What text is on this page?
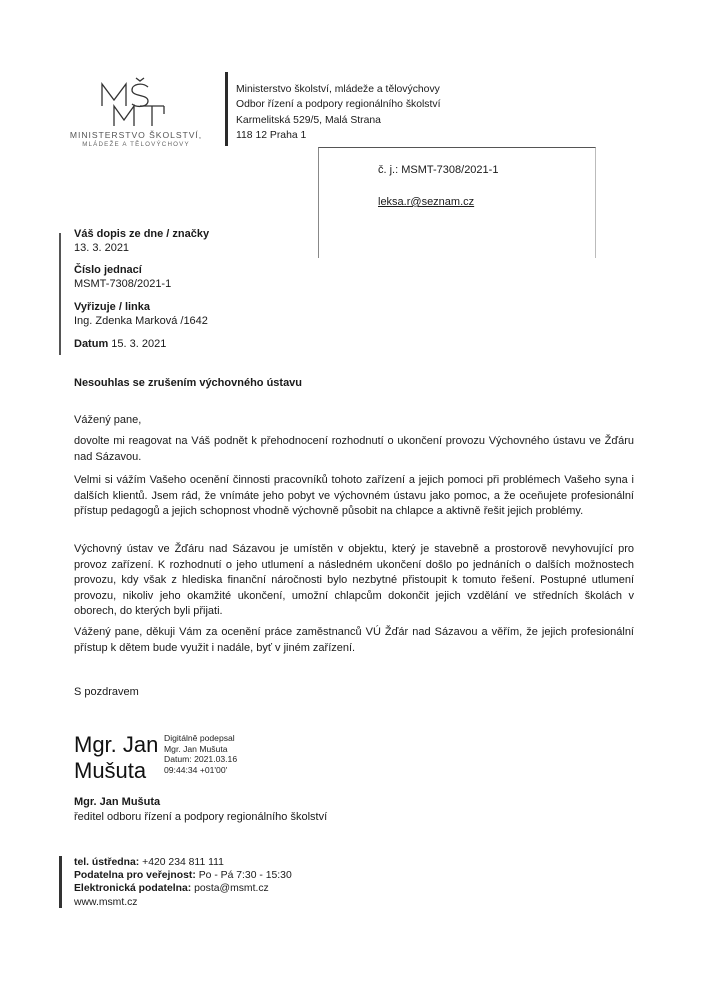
MINISTERSTVO ŠKOLSTVÍ,
MLÁDEŽE A TĚLOVÝCHOVY
Ministerstvo školství, mládeže a tělovýchovy
Odbor řízení a podpory regionálního školství
Karmelitská 529/5, Malá Strana
118 12 Praha 1
č. j.: MSMT-7308/2021-1
leksa.r@seznam.cz
Váš dopis ze dne / značky
13. 3. 2021
Číslo jednací
MSMT-7308/2021-1
Vyřizuje / linka
Ing. Zdenka Marková /1642
Datum 15. 3. 2021
Nesouhlas se zrušením výchovného ústavu
Vážený pane,
dovolte mi reagovat na Váš podnět k přehodnocení rozhodnutí o ukončení provozu Výchovného ústavu ve Žďáru nad Sázavou.
Velmi si vážím Vašeho ocenění činnosti pracovníků tohoto zařízení a jejich pomoci při problémech Vašeho syna i dalších klientů. Jsem rád, že vnímáte jeho pobyt ve výchovném ústavu jako pomoc, a že oceňujete profesionální přístup pedagogů a jejich schopnost vhodně výchovně působit na chlapce a aktivně řešit jejich problémy.
Výchovný ústav ve Žďáru nad Sázavou je umístěn v objektu, který je stavebně a prostorově nevyhovující pro provoz zařízení. K rozhodnutí o jeho utlumení a následném ukončení došlo po jednáních o dalších možnostech provozu, kdy však z hlediska finanční náročnosti bylo nezbytné přistoupit k tomuto řešení. Postupné utlumení provozu, nikoliv jeho okamžité ukončení, umožní chlapcům dokončit jejich vzdělání ve středních školách v oborech, do kterých byli přijati.
Vážený pane, děkuji Vám za ocenění práce zaměstnanců VÚ Žďár nad Sázavou a věřím, že jejich profesionální přístup k dětem bude využit i nadále, byť v jiném zařízení.
S pozdravem
Mgr. Jan
Mušuta
Digitálně podepsal
Mgr. Jan Mušuta
Datum: 2021.03.16
09:44:34 +01'00'
Mgr. Jan Mušuta
ředitel odboru řízení a podpory regionálního školství
tel. ústředna: +420 234 811 111
Podatelna pro veřejnost: Po - Pá 7:30 - 15:30
Elektronická podatelna: posta@msmt.cz
www.msmt.cz
